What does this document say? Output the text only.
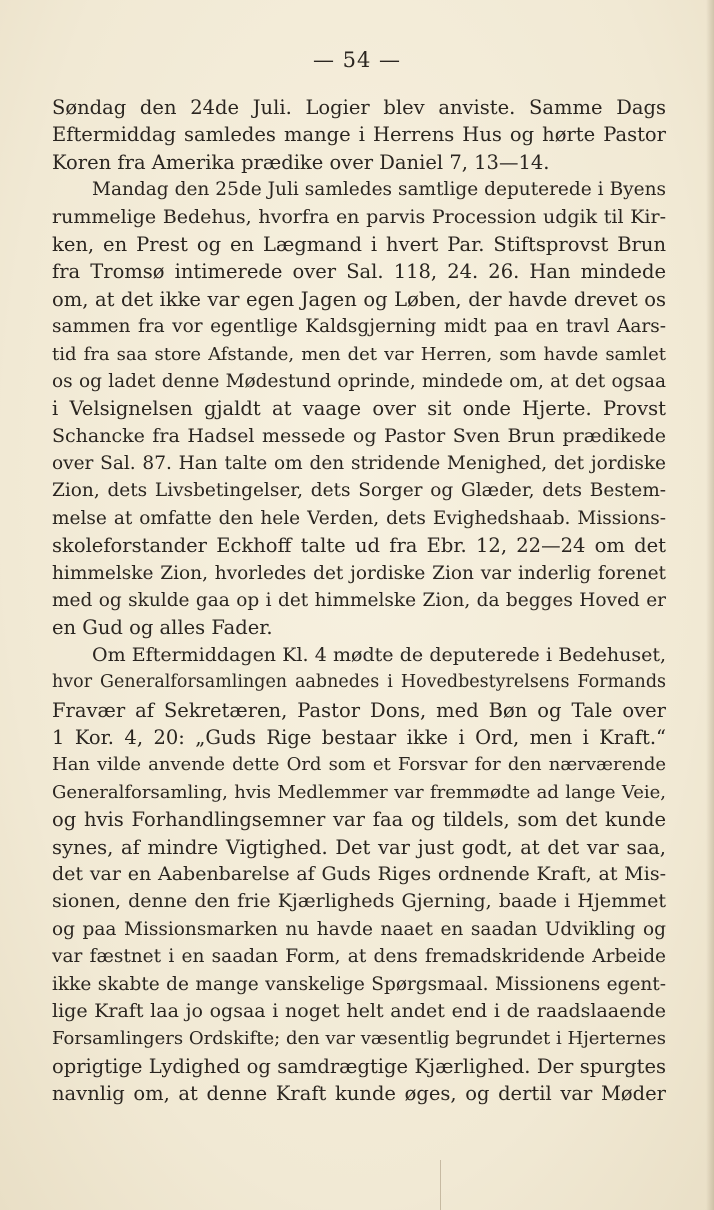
— 54 —
Søndag den 24de Juli. Logier blev anviste. Samme Dags
Eftermiddag samledes mange i Herrens Hus og hørte Pastor
Koren fra Amerika prædike over Daniel 7, 13—14.
Mandag den 25de Juli samledes samtlige deputerede i Byens
rummelige Bedehus, hvorfra en parvis Procession udgik til Kir-
ken, en Prest og en Lægmand i hvert Par. Stiftsprovst Brun
fra Tromsø intimerede over Sal. 118, 24. 26. Han mindede
om, at det ikke var egen Jagen og Løben, der havde drevet os
sammen fra vor egentlige Kaldsgjerning midt paa en travl Aars-
tid fra saa store Afstande, men det var Herren, som havde samlet
os og ladet denne Mødestund oprinde, mindede om, at det ogsaa
i Velsignelsen gjaldt at vaage over sit onde Hjerte. Provst
Schancke fra Hadsel messede og Pastor Sven Brun prædikede
over Sal. 87. Han talte om den stridende Menighed, det jordiske
Zion, dets Livsbetingelser, dets Sorger og Glæder, dets Bestem-
melse at omfatte den hele Verden, dets Evighedshaab. Missions-
skoleforstander Eckhoff talte ud fra Ebr. 12, 22—24 om det
himmelske Zion, hvorledes det jordiske Zion var inderlig forenet
med og skulde gaa op i det himmelske Zion, da begges Hoved er
en Gud og alles Fader.
Om Eftermiddagen Kl. 4 mødte de deputerede i Bedehuset,
hvor Generalforsamlingen aabnedes i Hovedbestyrelsens Formands
Fravær af Sekretæren, Pastor Dons, med Bøn og Tale over
1 Kor. 4, 20: „Guds Rige bestaar ikke i Ord, men i Kraft.“
Han vilde anvende dette Ord som et Forsvar for den nærværende
Generalforsamling, hvis Medlemmer var fremmødte ad lange Veie,
og hvis Forhandlingsemner var faa og tildels, som det kunde
synes, af mindre Vigtighed. Det var just godt, at det var saa,
det var en Aabenbarelse af Guds Riges ordnende Kraft, at Mis-
sionen, denne den frie Kjærligheds Gjerning, baade i Hjemmet
og paa Missionsmarken nu havde naaet en saadan Udvikling og
var fæstnet i en saadan Form, at dens fremadskridende Arbeide
ikke skabte de mange vanskelige Spørgsmaal. Missionens egent-
lige Kraft laa jo ogsaa i noget helt andet end i de raadslaaende
Forsamlingers Ordskifte; den var væsentlig begrundet i Hjerternes
oprigtige Lydighed og samdrægtige Kjærlighed. Der spurgtes
navnlig om, at denne Kraft kunde øges, og dertil var Møder
